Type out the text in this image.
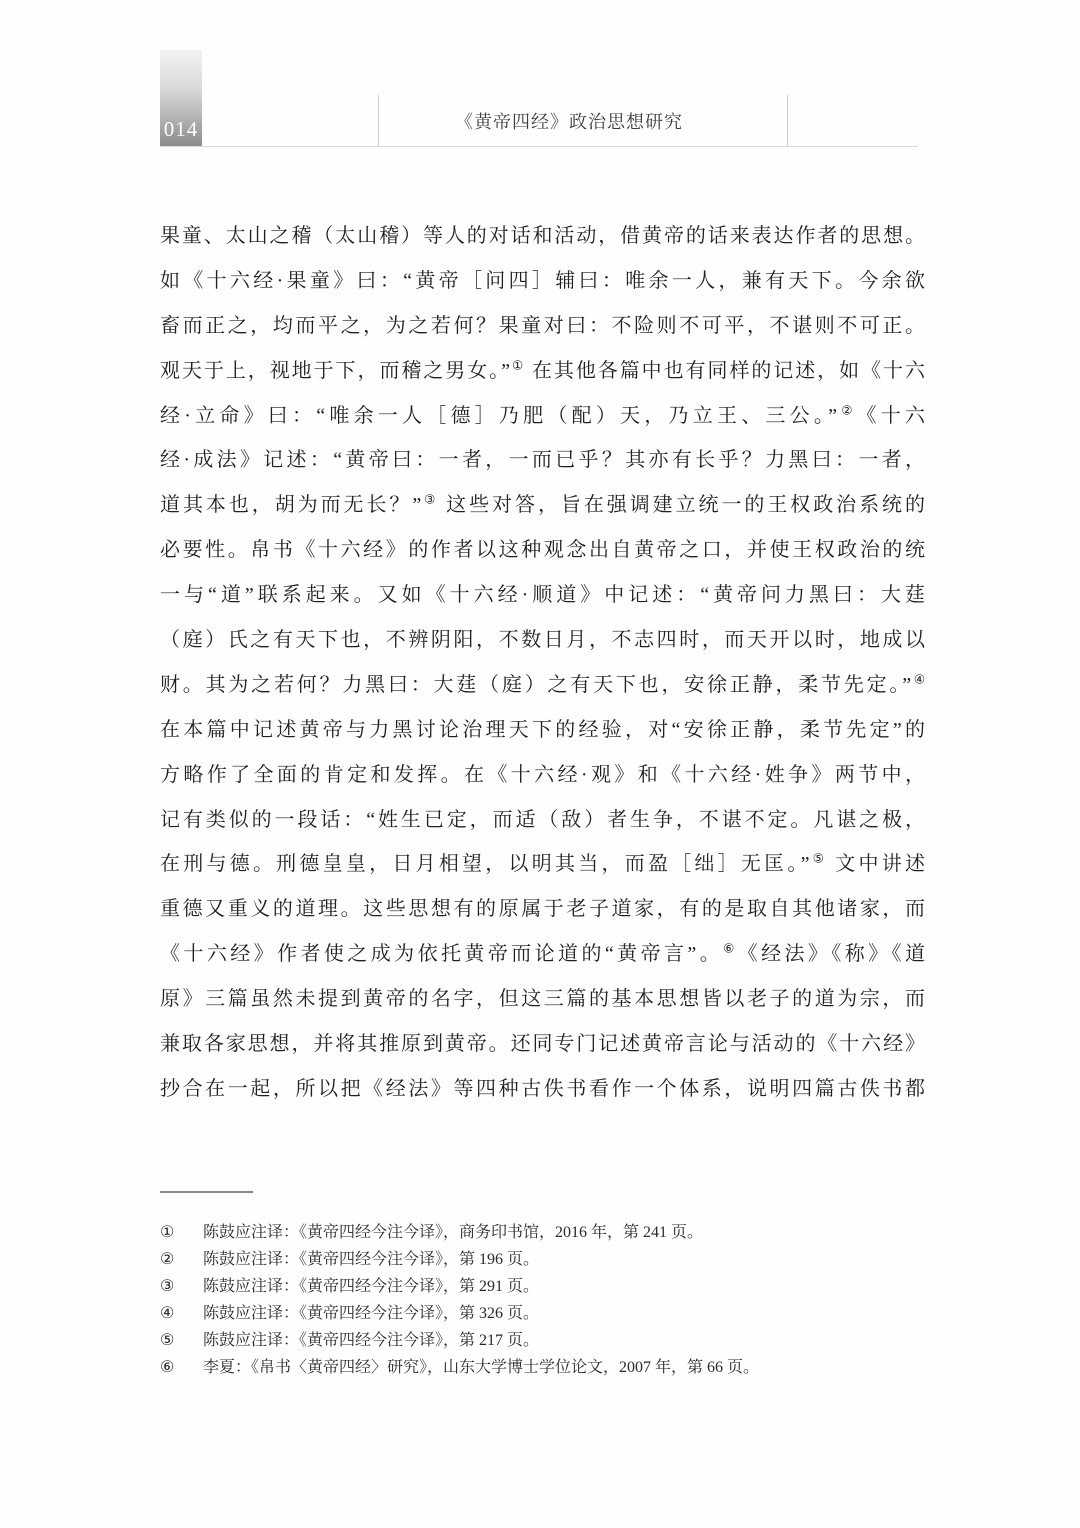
014	《黄帝四经》政治思想研究
果童、太山之稽（太山稽）等人的对话和活动，借黄帝的话来表达作者的思想。
如《十六经·果童》曰：“黄帝［问四］辅曰：唯余一人，兼有天下。今余欲
畜而正之，均而平之，为之若何？果童对曰：不险则不可平，不谌则不可正。
观天于上，视地于下，而稽之男女。”① 在其他各篇中也有同样的记述，如《十六
经·立命》曰：“唯余一人［德］乃肥（配）天，乃立王、三公。”②《十六
经·成法》记述：“黄帝曰：一者，一而已乎？其亦有长乎？力黑曰：一者，
道其本也，胡为而无长？”③ 这些对答，旨在强调建立统一的王权政治系统的
必要性。帛书《十六经》的作者以这种观念出自黄帝之口，并使王权政治的统
一与“道”联系起来。又如《十六经·顺道》中记述：“黄帝问力黑曰：大莛
（庭）氏之有天下也，不辨阴阳，不数日月，不志四时，而天开以时，地成以
财。其为之若何？力黑曰：大莛（庭）之有天下也，安徐正静，柔节先定。”④
在本篇中记述黄帝与力黑讨论治理天下的经验，对“安徐正静，柔节先定”的
方略作了全面的肯定和发挥。在《十六经·观》和《十六经·姓争》两节中，
记有类似的一段话：“姓生已定，而适（敌）者生争，不谌不定。凡谌之极，
在刑与德。刑德皇皇，日月相望，以明其当，而盈［绌］无匡。”⑤ 文中讲述
重德又重义的道理。这些思想有的原属于老子道家，有的是取自其他诸家，而
《十六经》作者使之成为依托黄帝而论道的“黄帝言”。⑥《经法》《称》《道
原》三篇虽然未提到黄帝的名字，但这三篇的基本思想皆以老子的道为宗，而
兼取各家思想，并将其推原到黄帝。还同专门记述黄帝言论与活动的《十六经》
抄合在一起，所以把《经法》等四种古佚书看作一个体系，说明四篇古佚书都
①	陈鼓应注译：《黄帝四经今注今译》，商务印书馆，2016 年，第 241 页。
②	陈鼓应注译：《黄帝四经今注今译》，第 196 页。
③	陈鼓应注译：《黄帝四经今注今译》，第 291 页。
④	陈鼓应注译：《黄帝四经今注今译》，第 326 页。
⑤	陈鼓应注译：《黄帝四经今注今译》，第 217 页。
⑥	李夏：《帛书〈黄帝四经〉研究》，山东大学博士学位论文，2007 年，第 66 页。
